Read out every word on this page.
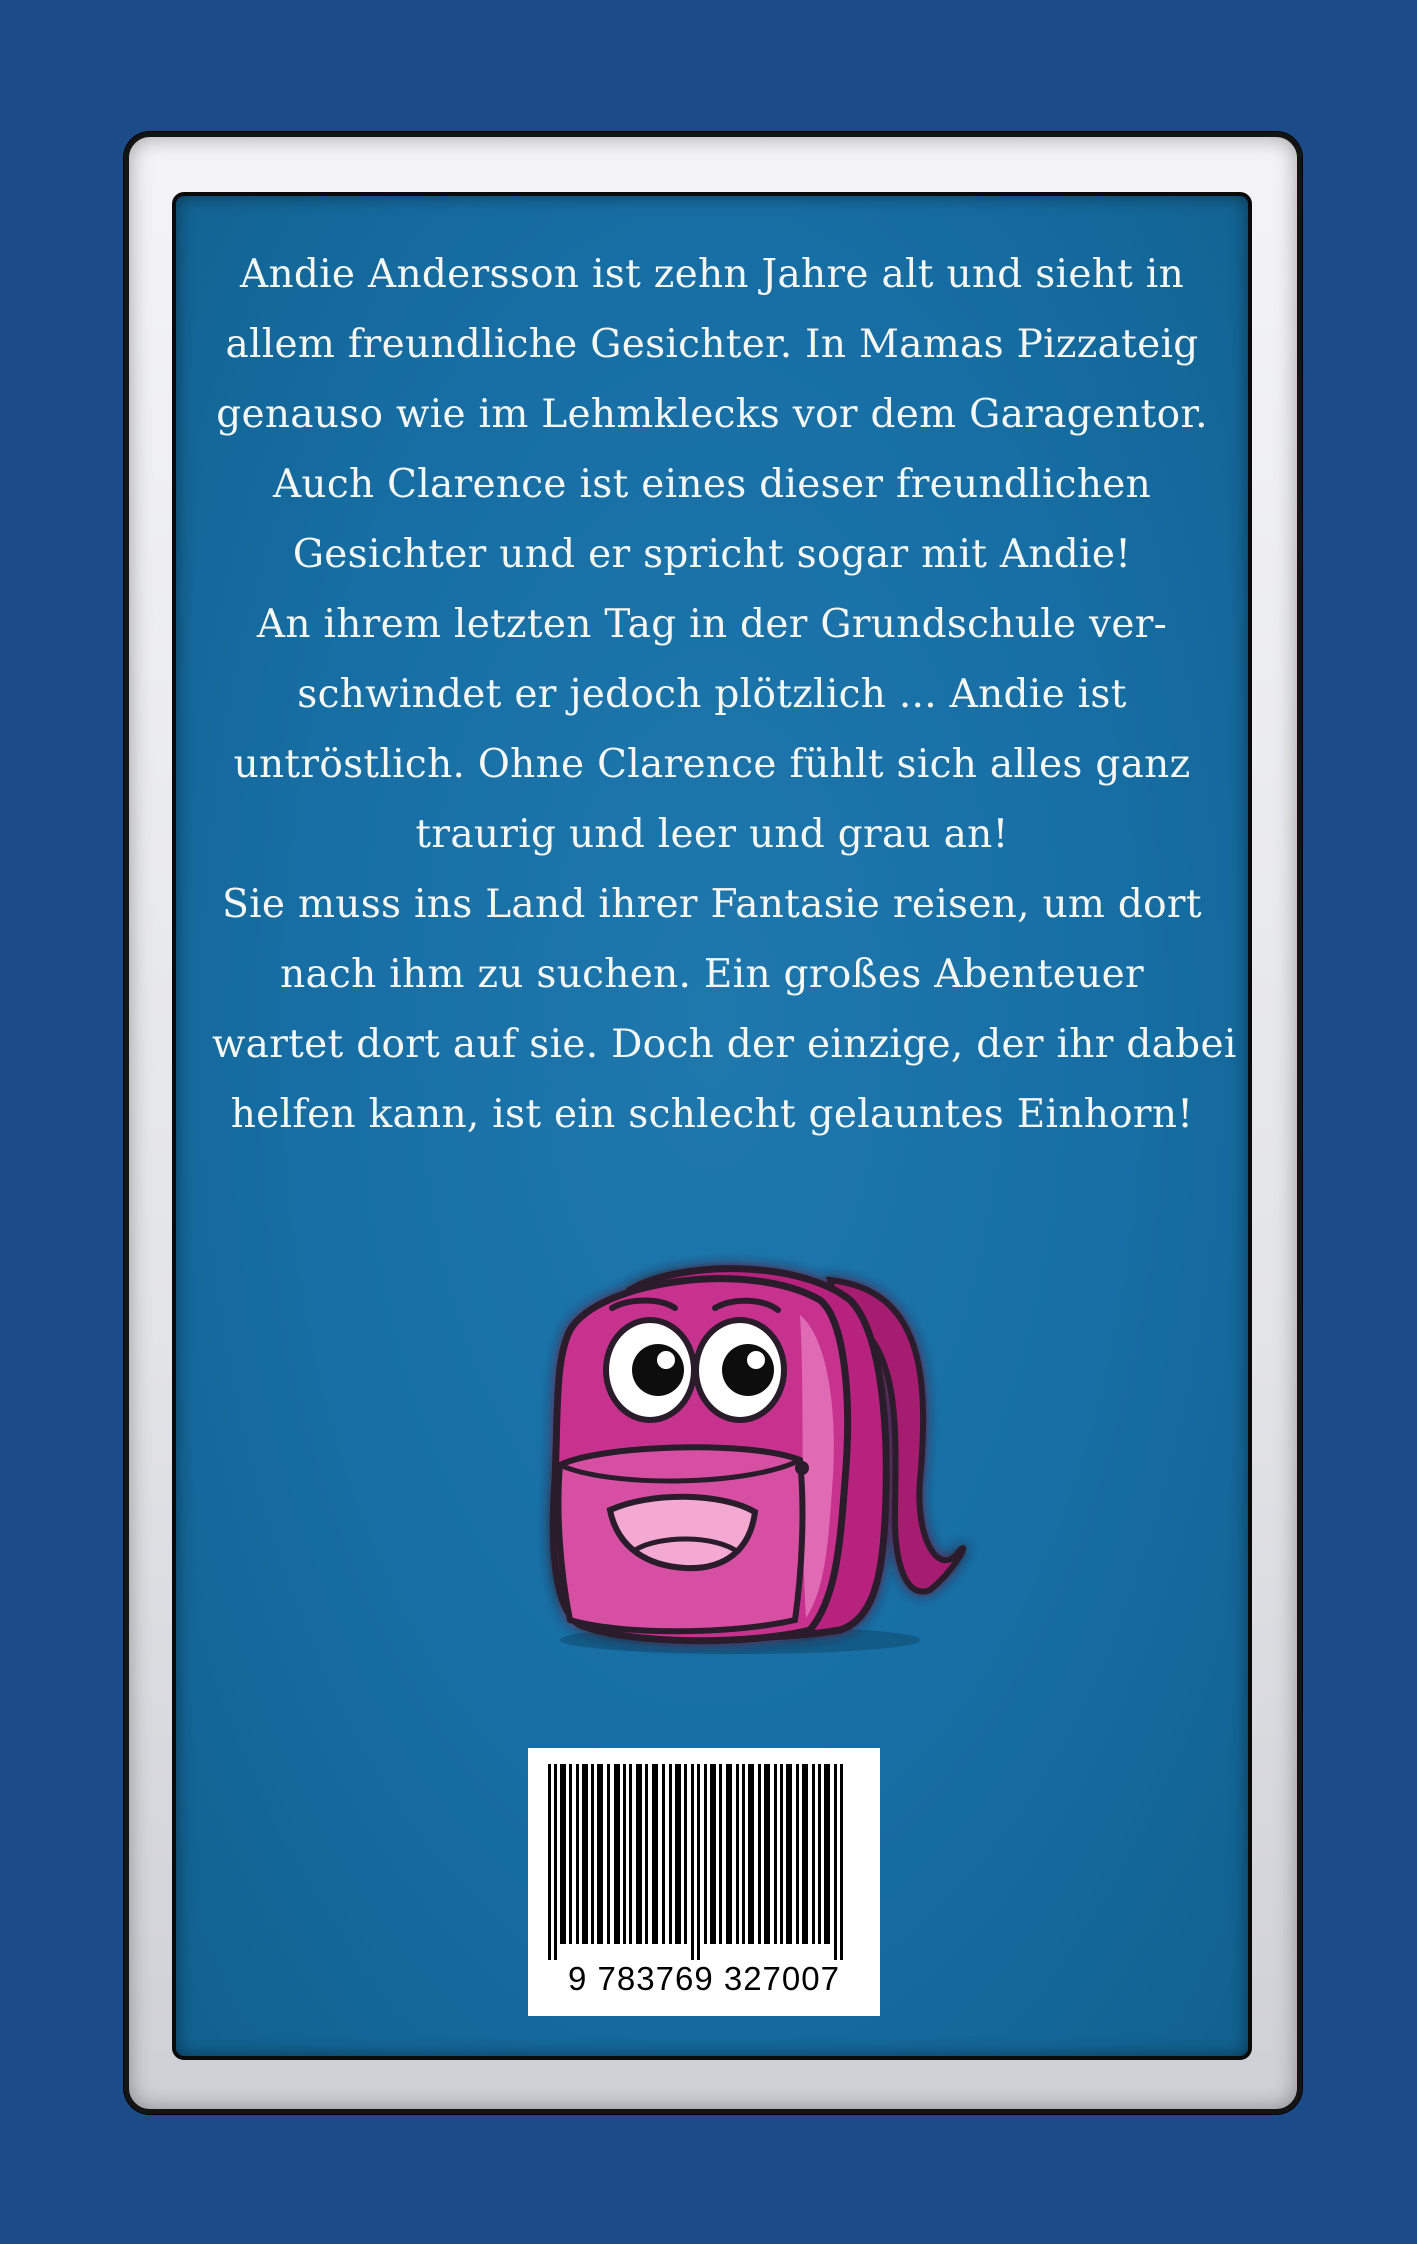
Andie Andersson ist zehn Jahre alt und sieht in
allem freundliche Gesichter. In Mamas Pizzateig
genauso wie im Lehmklecks vor dem Garagentor.
Auch Clarence ist eines dieser freundlichen
Gesichter und er spricht sogar mit Andie!
An ihrem letzten Tag in der Grundschule ver-
schwindet er jedoch plötzlich ... Andie ist
untröstlich. Ohne Clarence fühlt sich alles ganz
traurig und leer und grau an!
Sie muss ins Land ihrer Fantasie reisen, um dort
nach ihm zu suchen. Ein großes Abenteuer
wartet dort auf sie. Doch der einzige, der ihr dabei
helfen kann, ist ein schlecht gelauntes Einhorn!

9 783769 327007
